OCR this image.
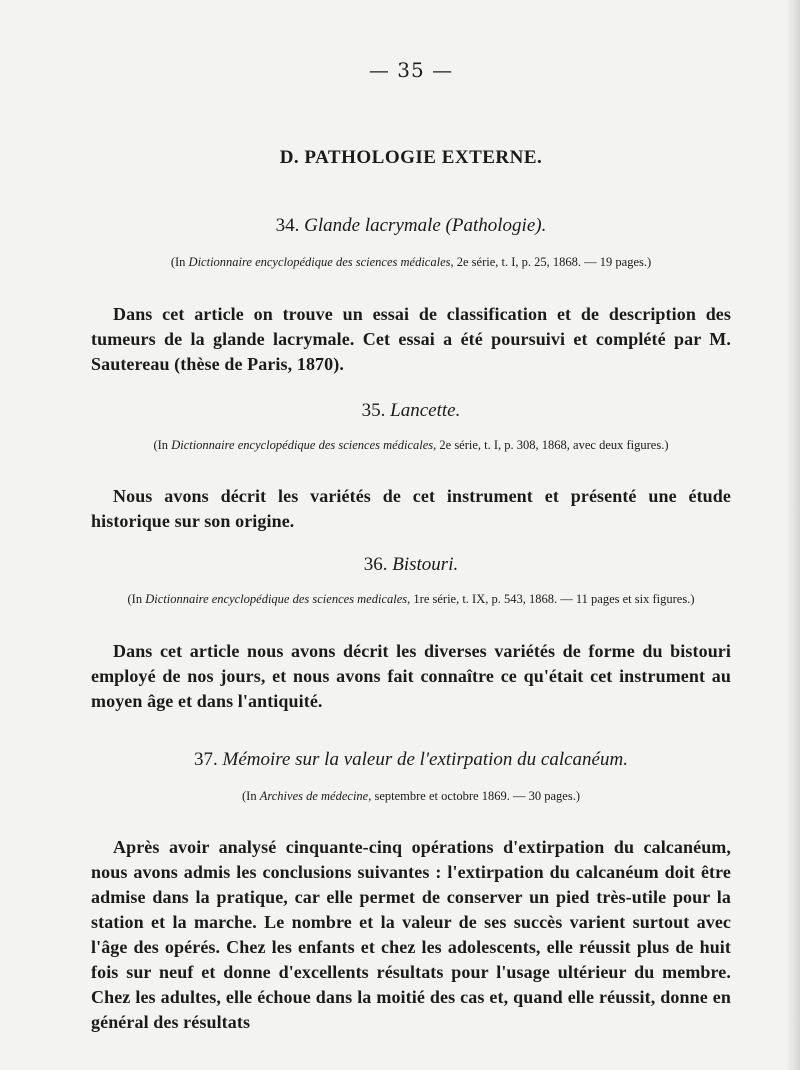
— 35 —
D. PATHOLOGIE EXTERNE.
34. Glande lacrymale (Pathologie).
(In Dictionnaire encyclopédique des sciences médicales, 2e série, t. I, p. 25, 1868. — 19 pages.)

Dans cet article on trouve un essai de classification et de description des tumeurs de la glande lacrymale. Cet essai a été poursuivi et complété par M. Sautereau (thèse de Paris, 1870).

35. Lancette.
(In Dictionnaire encyclopédique des sciences médicales, 2e série, t. I, p. 308, 1868, avec deux figures.)

Nous avons décrit les variétés de cet instrument et présenté une étude historique sur son origine.

36. Bistouri.
(In Dictionnaire encyclopédique des sciences medicales, 1re série, t. IX, p. 543, 1868. — 11 pages et six figures.)

Dans cet article nous avons décrit les diverses variétés de forme du bistouri employé de nos jours, et nous avons fait connaître ce qu'était cet instrument au moyen âge et dans l'antiquité.

37. Mémoire sur la valeur de l'extirpation du calcanéum.
(In Archives de médecine, septembre et octobre 1869. — 30 pages.)

Après avoir analysé cinquante-cinq opérations d'extirpation du calcanéum, nous avons admis les conclusions suivantes : l'extirpation du calcanéum doit être admise dans la pratique, car elle permet de conserver un pied très-utile pour la station et la marche. Le nombre et la valeur de ses succès varient surtout avec l'âge des opérés. Chez les enfants et chez les adolescents, elle réussit plus de huit fois sur neuf et donne d'excellents résultats pour l'usage ultérieur du membre. Chez les adultes, elle échoue dans la moitié des cas et, quand elle réussit, donne en général des résultats
